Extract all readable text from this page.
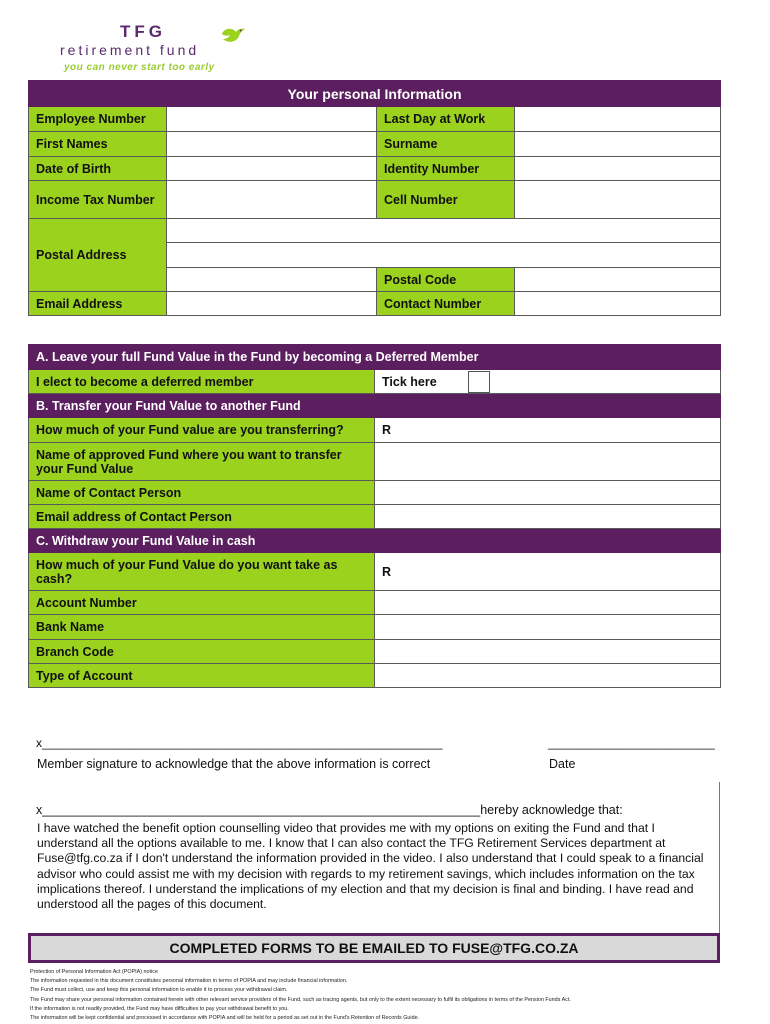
TFG
retirement fund
you can never start too early
Your personal Information			
Employee Number		Last Day at Work	
First Names		Surname	
Date of Birth		Identity Number	
Income Tax Number		Cell Number	
Postal Address			

		Postal Code	
Email Address		Contact Number	
A. Leave your full Fund Value in the Fund by becoming a Deferred Member	
I elect to become a deferred member	Tick here

B. Transfer your Fund Value to another Fund	
How much of your Fund value are you transferring?	R
Name of approved Fund where you want to transfer your Fund Value	
Name of Contact Person	
Email address of Contact Person	
C. Withdraw your Fund Value in cash	
How much of your Fund Value do you want take as cash?	R
Account Number	
Bank Name	
Branch Code	
Type of Account	
x____________________________________________________________	_________________________
Member signature to acknowledge that the above information is correct	Date
x_______________________________________________________________hereby acknowledge that:
I have watched the benefit option counselling video that provides me with my options on exiting the Fund and that I understand all the options available to me. I know that I can also contact the TFG Retirement Services department at Fuse@tfg.co.za if I don't understand the information provided in the video. I also understand that I could speak to a financial advisor who could assist me with my decision with regards to my retirement savings, which includes information on the tax implications thereof. I understand the implications of my election and that my decision is final and binding. I have read and understood all the pages of this document.
COMPLETED FORMS TO BE EMAILED TO FUSE@TFG.CO.ZA
Protection of Personal Information Act (POPIA) notice
The information requested in this document constitutes personal information in terms of POPIA and may include financial information.
The Fund must collect, use and keep this personal information to enable it to process your withdrawal claim.
The Fund may share your personal information contained herein with other relevant service providers of the Fund, such as tracing agents, but only to the extent necessary to fulfil its obligations in terms of the Pension Funds Act.
If the information is not readily provided, the Fund may have difficulties to pay your withdrawal benefit to you.
The information will be kept confidential and processed in accordance with POPIA and will be held for a period as set out in the Fund's Retention of Records Guide.
